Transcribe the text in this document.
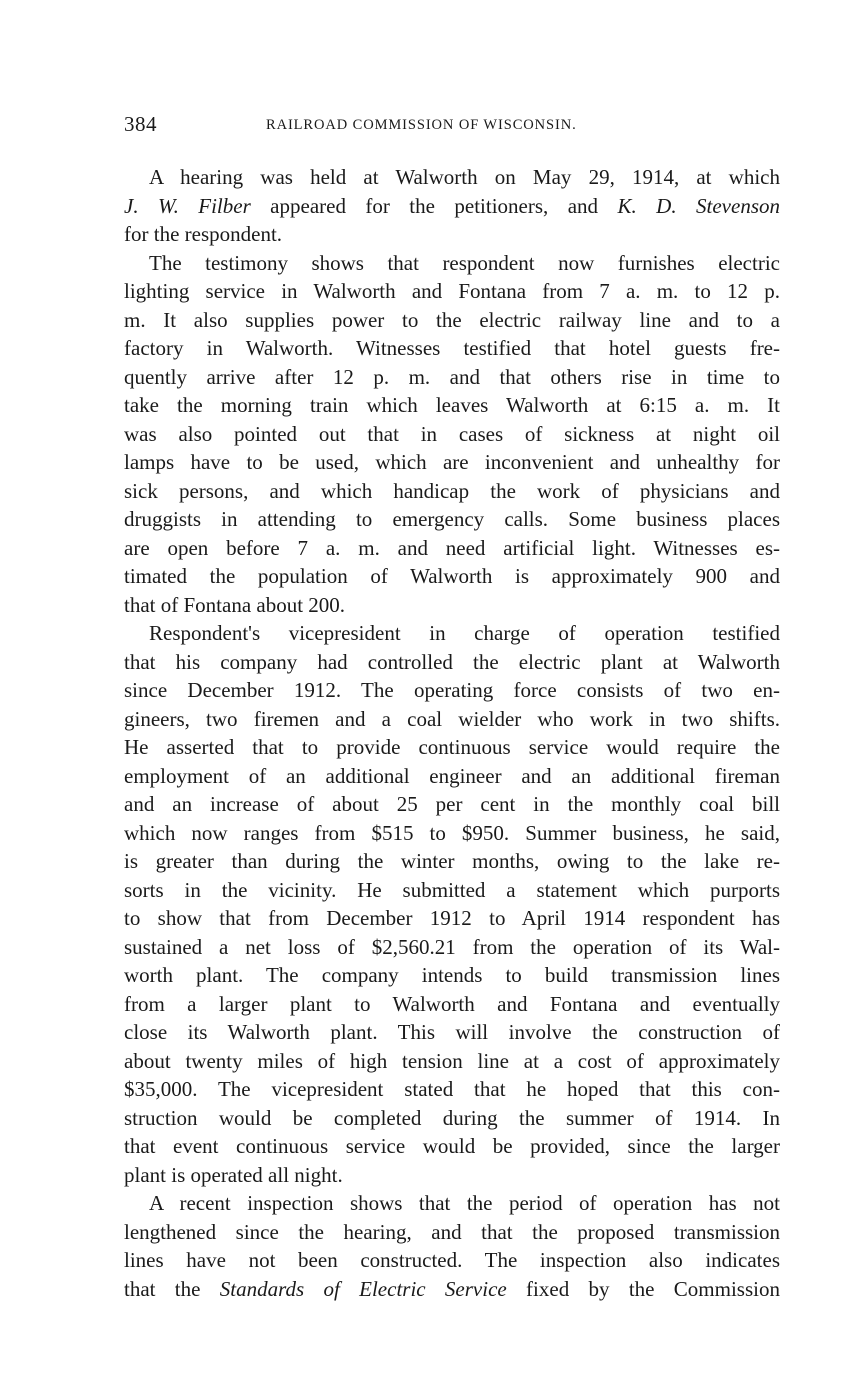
384	RAILROAD COMMISSION OF WISCONSIN.
A hearing was held at Walworth on May 29, 1914, at which
J. W. Filber appeared for the petitioners, and K. D. Stevenson
for the respondent.
The testimony shows that respondent now furnishes electric
lighting service in Walworth and Fontana from 7 a. m. to 12 p.
m. It also supplies power to the electric railway line and to a
factory in Walworth. Witnesses testified that hotel guests fre-
quently arrive after 12 p. m. and that others rise in time to
take the morning train which leaves Walworth at 6:15 a. m. It
was also pointed out that in cases of sickness at night oil
lamps have to be used, which are inconvenient and unhealthy for
sick persons, and which handicap the work of physicians and
druggists in attending to emergency calls. Some business places
are open before 7 a. m. and need artificial light. Witnesses es-
timated the population of Walworth is approximately 900 and
that of Fontana about 200.
Respondent's vicepresident in charge of operation testified
that his company had controlled the electric plant at Walworth
since December 1912. The operating force consists of two en-
gineers, two firemen and a coal wielder who work in two shifts.
He asserted that to provide continuous service would require the
employment of an additional engineer and an additional fireman
and an increase of about 25 per cent in the monthly coal bill
which now ranges from $515 to $950. Summer business, he said,
is greater than during the winter months, owing to the lake re-
sorts in the vicinity. He submitted a statement which purports
to show that from December 1912 to April 1914 respondent has
sustained a net loss of $2,560.21 from the operation of its Wal-
worth plant. The company intends to build transmission lines
from a larger plant to Walworth and Fontana and eventually
close its Walworth plant. This will involve the construction of
about twenty miles of high tension line at a cost of approximately
$35,000. The vicepresident stated that he hoped that this con-
struction would be completed during the summer of 1914. In
that event continuous service would be provided, since the larger
plant is operated all night.
A recent inspection shows that the period of operation has not
lengthened since the hearing, and that the proposed transmission
lines have not been constructed. The inspection also indicates
that the Standards of Electric Service fixed by the Commission
